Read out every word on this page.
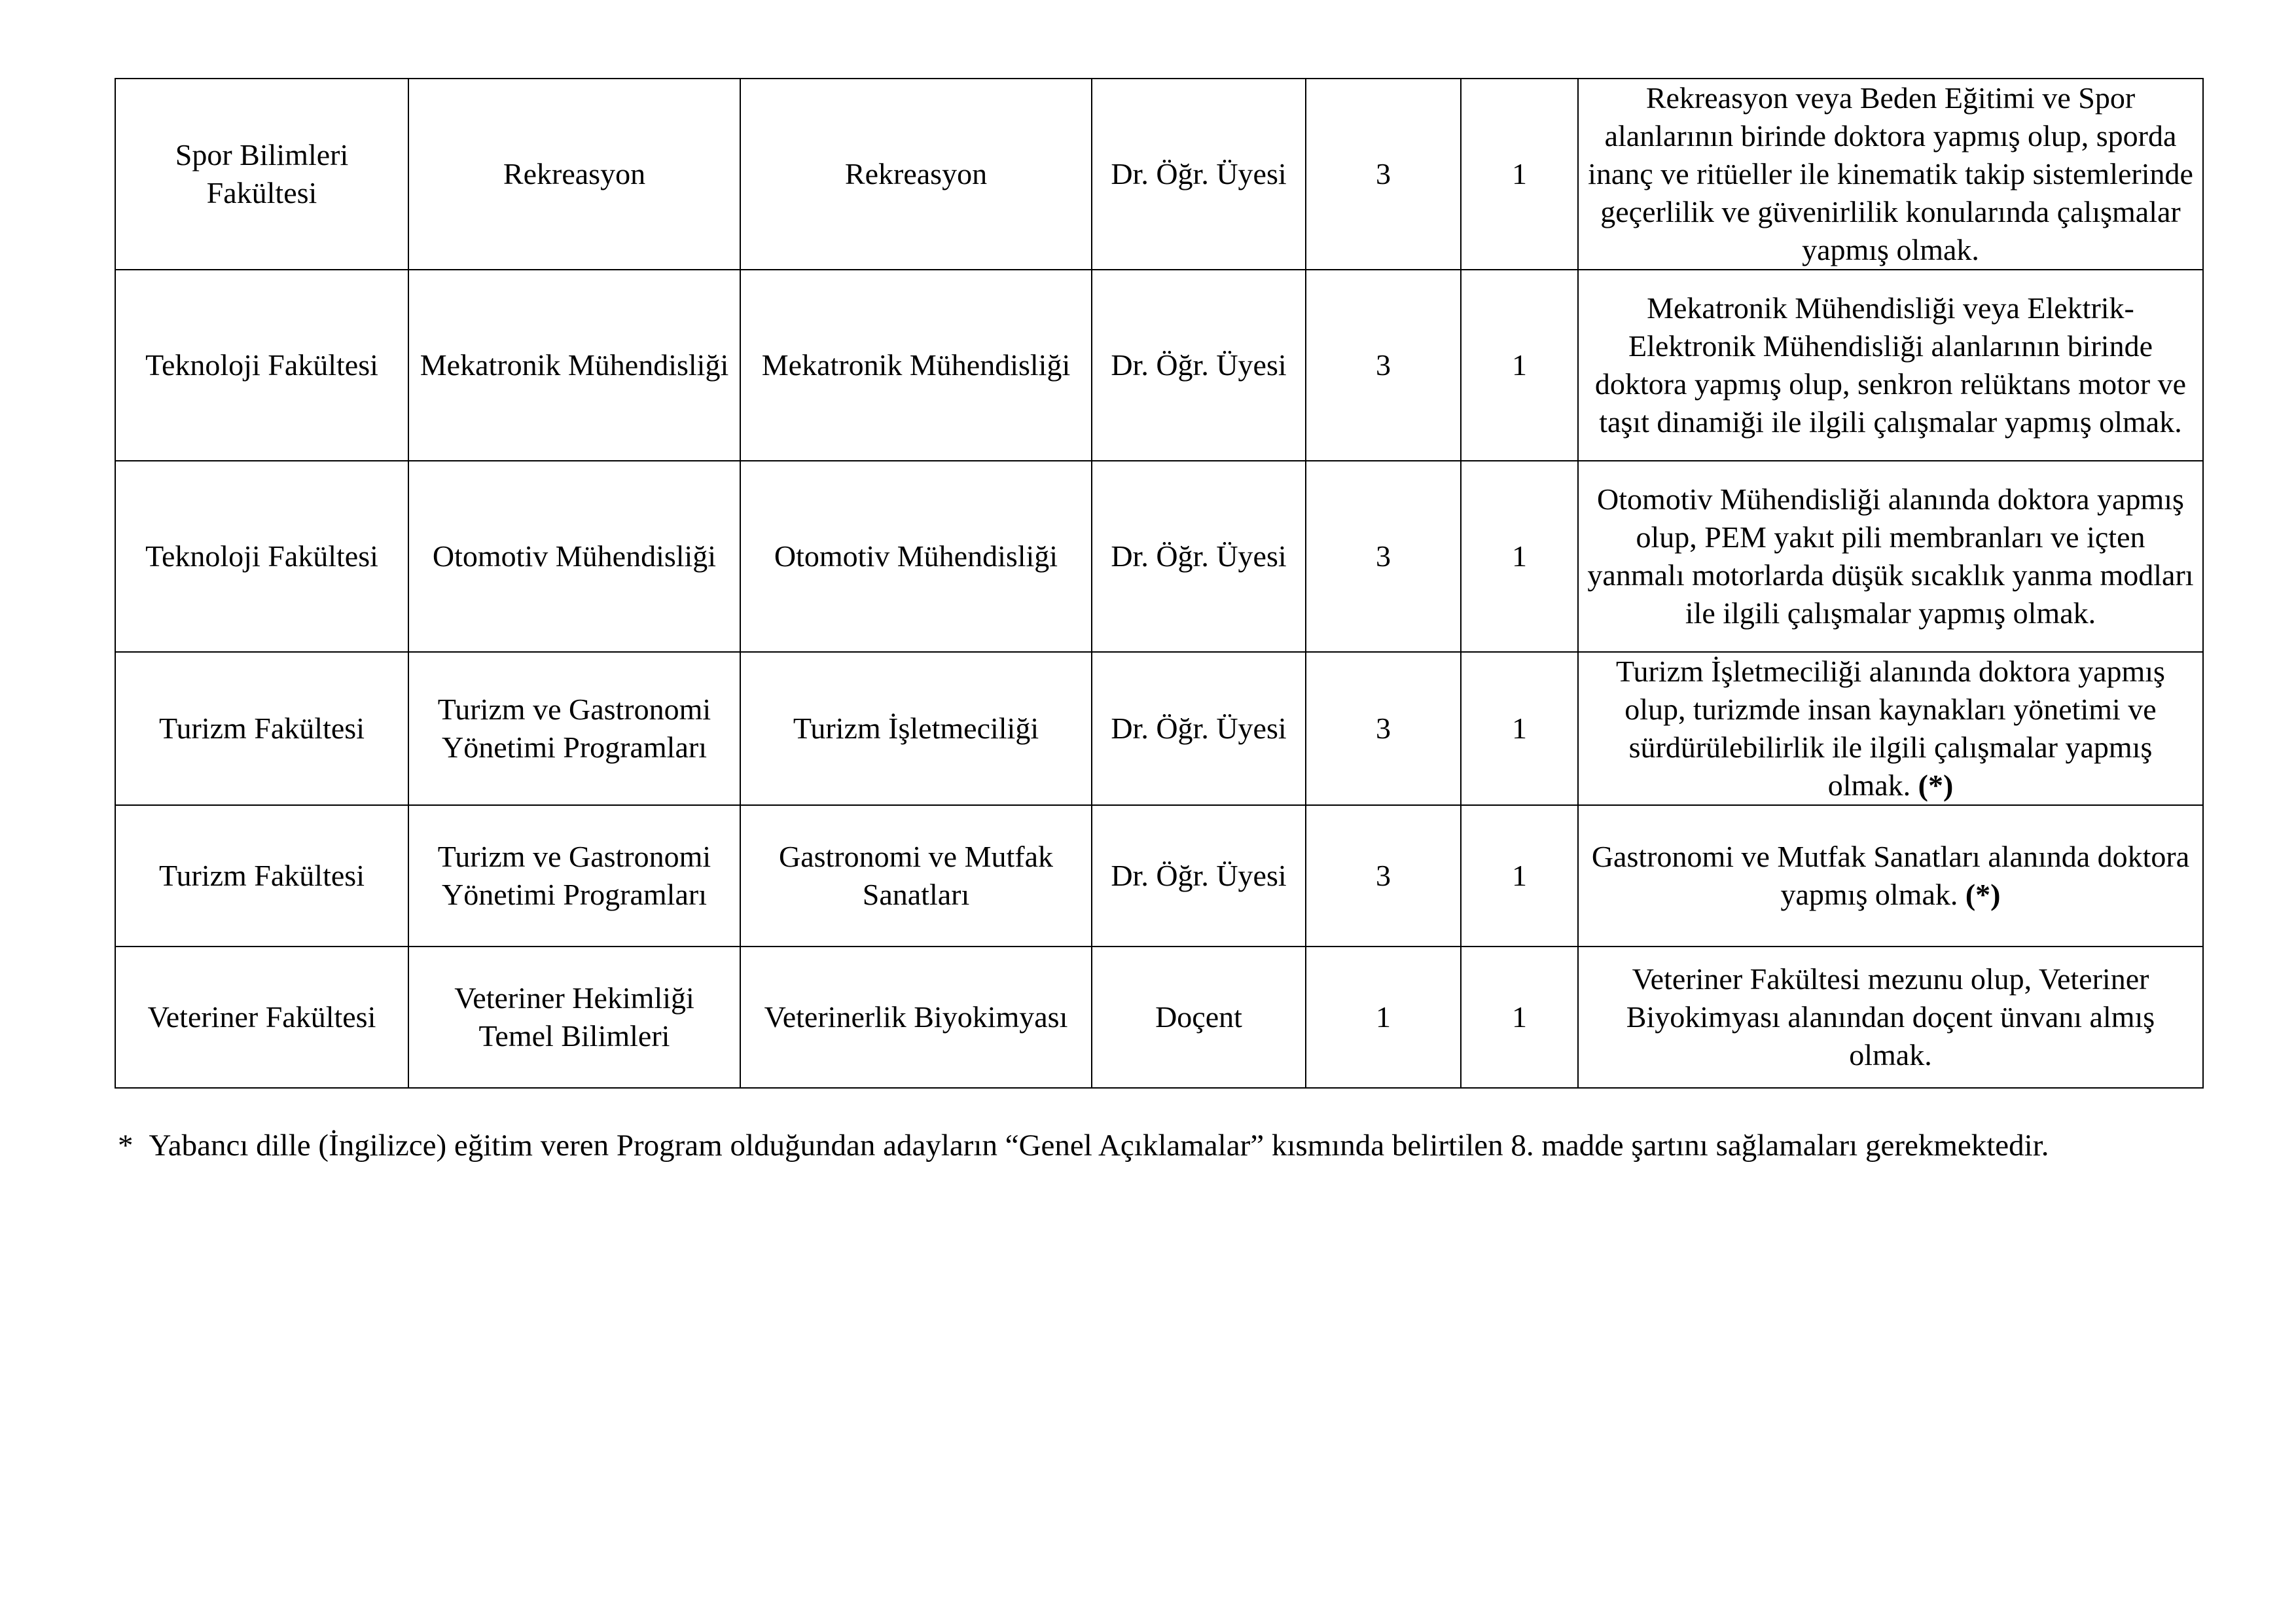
Spor Bilimleri Fakültesi	Rekreasyon	Rekreasyon	Dr. Öğr. Üyesi	3	1	Rekreasyon veya Beden Eğitimi ve Spor alanlarının birinde doktora yapmış olup, sporda inanç ve ritüeller ile kinematik takip sistemlerinde geçerlilik ve güvenirlilik konularında çalışmalar yapmış olmak.
Teknoloji Fakültesi	Mekatronik Mühendisliği	Mekatronik Mühendisliği	Dr. Öğr. Üyesi	3	1	Mekatronik Mühendisliği veya Elektrik-Elektronik Mühendisliği alanlarının birinde doktora yapmış olup, senkron relüktans motor ve taşıt dinamiği ile ilgili çalışmalar yapmış olmak.
Teknoloji Fakültesi	Otomotiv Mühendisliği	Otomotiv Mühendisliği	Dr. Öğr. Üyesi	3	1	Otomotiv Mühendisliği alanında doktora yapmış olup, PEM yakıt pili membranları ve içten yanmalı motorlarda düşük sıcaklık yanma modları ile ilgili çalışmalar yapmış olmak.
Turizm Fakültesi	Turizm ve Gastronomi Yönetimi Programları	Turizm İşletmeciliği	Dr. Öğr. Üyesi	3	1	Turizm İşletmeciliği alanında doktora yapmış olup, turizmde insan kaynakları yönetimi ve sürdürülebilirlik ile ilgili çalışmalar yapmış olmak. (*)
Turizm Fakültesi	Turizm ve Gastronomi Yönetimi Programları	Gastronomi ve Mutfak Sanatları	Dr. Öğr. Üyesi	3	1	Gastronomi ve Mutfak Sanatları alanında doktora yapmış olmak. (*)
Veteriner Fakültesi	Veteriner Hekimliği Temel Bilimleri	Veterinerlik Biyokimyası	Doçent	1	1	Veteriner Fakültesi mezunu olup, Veteriner Biyokimyası alanından doçent ünvanı almış olmak.
* Yabancı dille (İngilizce) eğitim veren Program olduğundan adayların “Genel Açıklamalar” kısmında belirtilen 8. madde şartını sağlamaları gerekmektedir.
